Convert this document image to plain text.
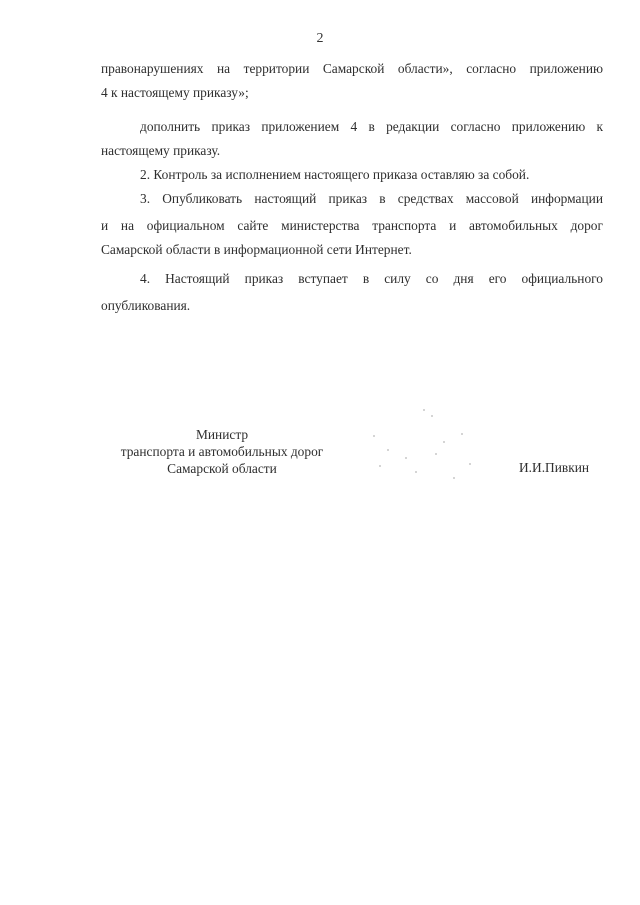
2
правонарушениях на территории Самарской области», согласно приложению
4 к настоящему приказу»;
дополнить приказ приложением 4 в редакции согласно приложению к
настоящему приказу.
2. Контроль за исполнением настоящего приказа оставляю за собой.
3. Опубликовать настоящий приказ в средствах массовой информации
и на официальном сайте министерства транспорта и автомобильных дорог
Самарской области в информационной сети Интернет.
4. Настоящий приказ вступает в силу со дня его официального
опубликования.
Министр
транспорта и автомобильных дорог
Самарской области	И.И.Пивкин
